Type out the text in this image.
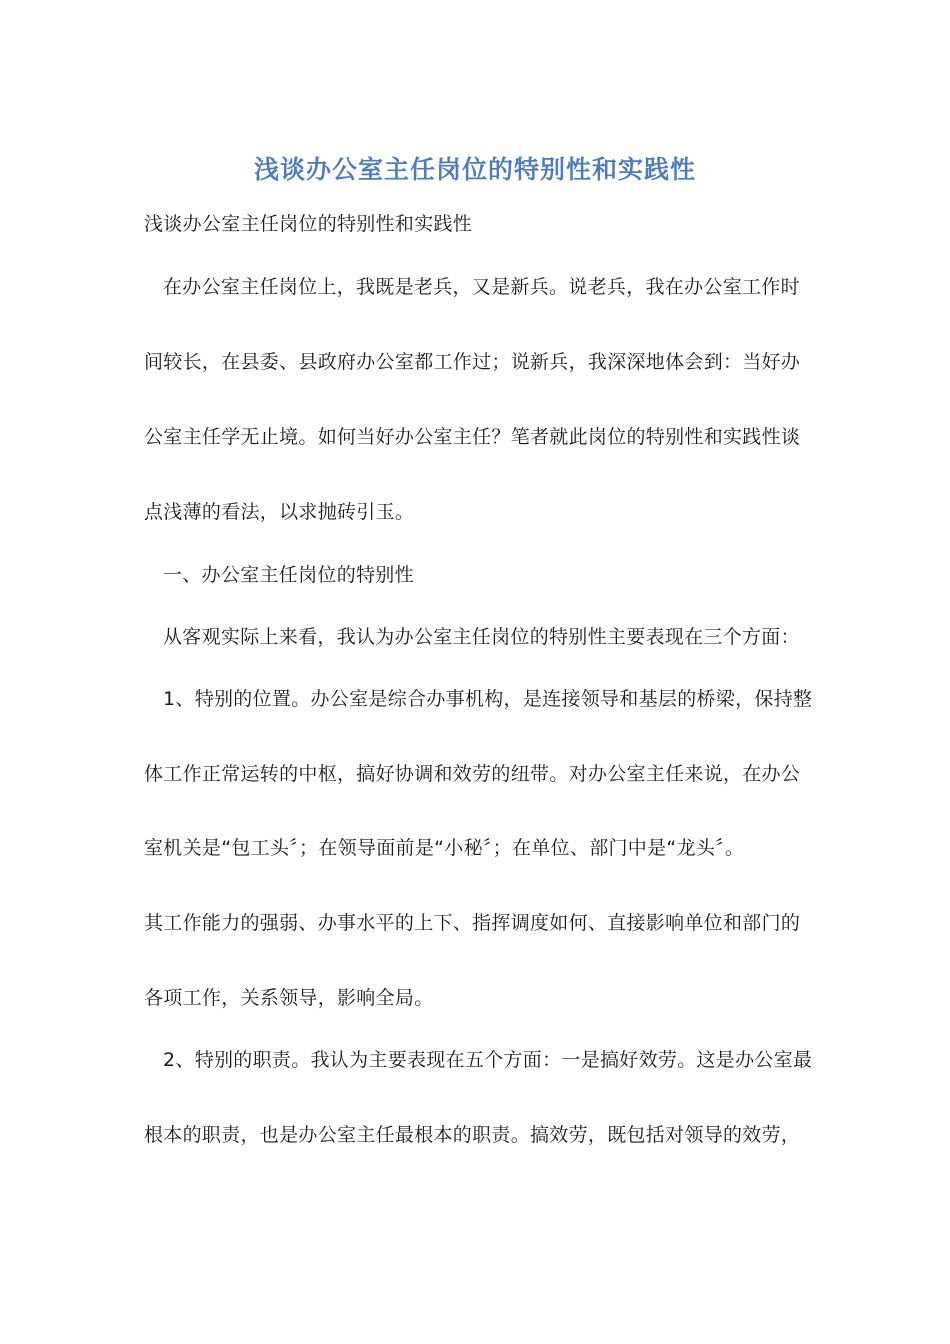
浅谈办公室主任岗位的特别性和实践性
浅谈办公室主任岗位的特别性和实践性
在办公室主任岗位上，我既是老兵，又是新兵。说老兵，我在办公室工作时
间较长，在县委、县政府办公室都工作过；说新兵，我深深地体会到：当好办
公室主任学无止境。如何当好办公室主任？笔者就此岗位的特别性和实践性谈
点浅薄的看法，以求抛砖引玉。
一、办公室主任岗位的特别性
从客观实际上来看，我认为办公室主任岗位的特别性主要表现在三个方面：
1、特别的位置。办公室是综合办事机构，是连接领导和基层的桥梁，保持整
体工作正常运转的中枢，搞好协调和效劳的纽带。对办公室主任来说，在办公
室机关是“包工头〞；在领导面前是“小秘〞；在单位、部门中是“龙头〞。
其工作能力的强弱、办事水平的上下、指挥调度如何、直接影响单位和部门的
各项工作，关系领导，影响全局。
2、特别的职责。我认为主要表现在五个方面：一是搞好效劳。这是办公室最
根本的职责，也是办公室主任最根本的职责。搞效劳，既包括对领导的效劳，
